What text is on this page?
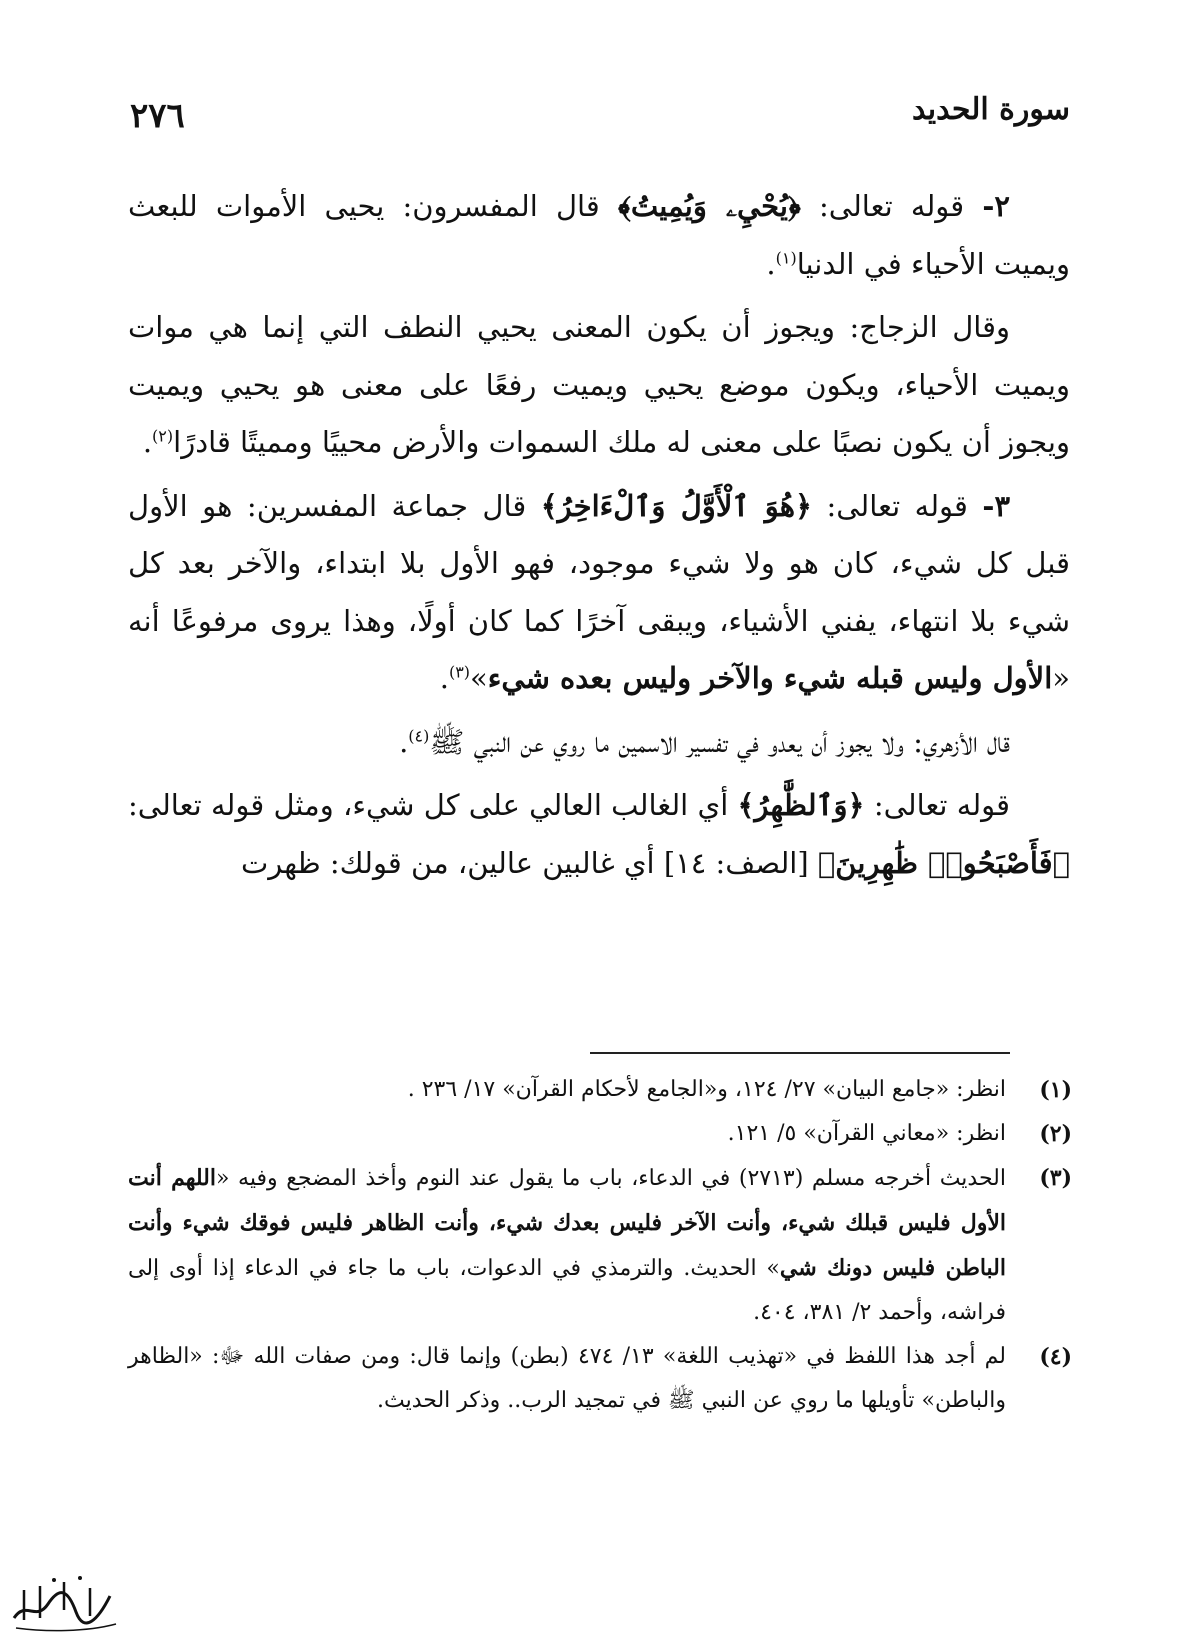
سورة الحديد
٢٧٦

٢- قوله تعالى: ﴿يُحْيِۦ وَيُمِيتُ﴾ قال المفسرون: يحيى الأموات للبعث ويميت الأحياء في الدنيا$^{(١)}$.

وقال الزجاج: ويجوز أن يكون المعنى يحيي النطف التي إنما هي موات ويميت الأحياء، ويكون موضع يحيي ويميت رفعًا على معنى هو يحيي ويميت ويجوز أن يكون نصبًا على معنى له ملك السموات والأرض محييًا ومميتًا قادرًا$^{(٢)}$.

٣- قوله تعالى: ﴿هُوَ ٱلْأَوَّلُ وَٱلْءَاخِرُ﴾ قال جماعة المفسرين: هو الأول قبل كل شيء، كان هو ولا شيء موجود، فهو الأول بلا ابتداء، والآخر بعد كل شيء بلا انتهاء، يفني الأشياء، ويبقى آخرًا كما كان أولًا، وهذا يروى مرفوعًا أنه «الأول وليس قبله شيء والآخر وليس بعده شيء»$^{(٣)}$.

قال الأزهري: ولا يجوز أن يعدو في تفسير الاسمين ما روي عن النبي ﷺ$^{(٤)}$.

قوله تعالى: ﴿وَٱلظَّٰهِرُ﴾ أي الغالب العالي على كل شيء، ومثل قوله تعالى: ﴿فَأَصْبَحُوا۟ ظَٰهِرِينَ﴾ [الصف: ١٤] أي غالبين عالين، من قولك: ظهرت

(١)
انظر: «جامع البيان» ٢٧/ ١٢٤، و«الجامع لأحكام القرآن» ١٧/ ٢٣٦ .

(٢)
انظر: «معاني القرآن» ٥/ ١٢١.

(٣)
الحديث أخرجه مسلم (٢٧١٣) في الدعاء، باب ما يقول عند النوم وأخذ المضجع وفيه «اللهم أنت الأول فليس قبلك شيء، وأنت الآخر فليس بعدك شيء، وأنت الظاهر فليس فوقك شيء وأنت الباطن فليس دونك شي» الحديث. والترمذي في الدعوات، باب ما جاء في الدعاء إذا أوى إلى فراشه، وأحمد ٢/ ٣٨١، ٤٠٤.

(٤)
لم أجد هذا اللفظ في «تهذيب اللغة» ١٣/ ٤٧٤ (بطن) وإنما قال: ومن صفات الله ﷻ: «الظاهر والباطن» تأويلها ما روي عن النبي ﷺ في تمجيد الرب.. وذكر الحديث.
